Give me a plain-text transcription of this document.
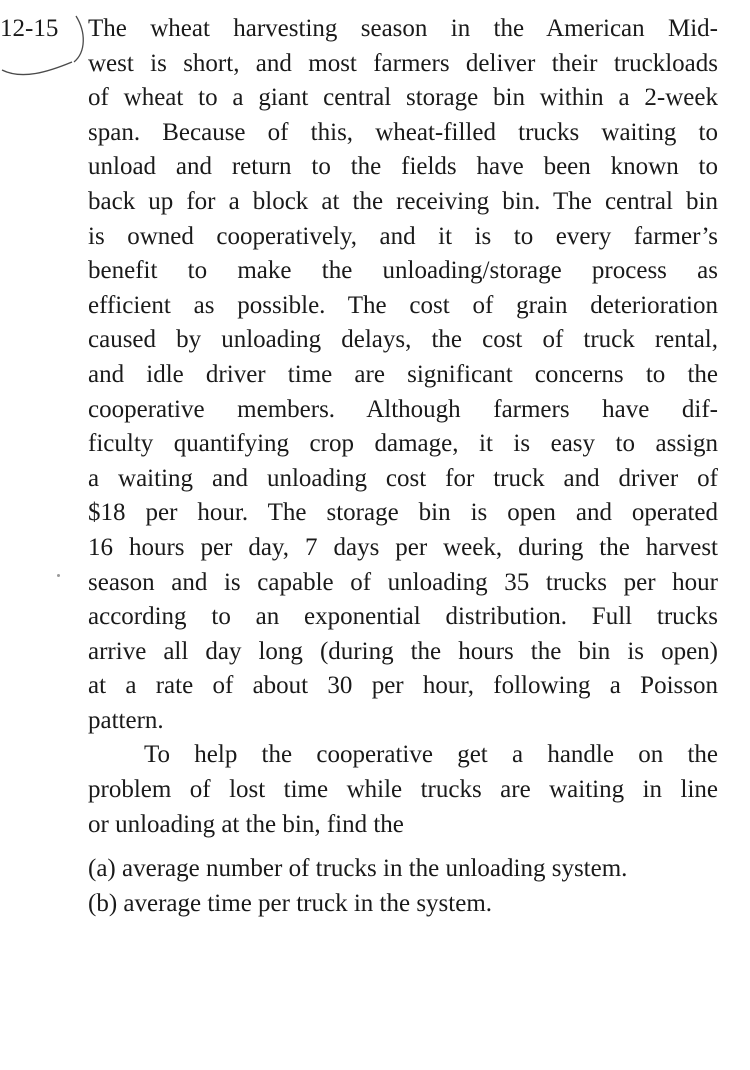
12-15 The wheat harvesting season in the American Mid-
west is short, and most farmers deliver their truckloads
of wheat to a giant central storage bin within a 2-week
span. Because of this, wheat-filled trucks waiting to
unload and return to the fields have been known to
back up for a block at the receiving bin. The central bin
is owned cooperatively, and it is to every farmer’s
benefit to make the unloading/storage process as
efficient as possible. The cost of grain deterioration
caused by unloading delays, the cost of truck rental,
and idle driver time are significant concerns to the
cooperative members. Although farmers have dif-
ficulty quantifying crop damage, it is easy to assign
a waiting and unloading cost for truck and driver of
$18 per hour. The storage bin is open and operated
16 hours per day, 7 days per week, during the harvest
season and is capable of unloading 35 trucks per hour
according to an exponential distribution. Full trucks
arrive all day long (during the hours the bin is open)
at a rate of about 30 per hour, following a Poisson
pattern.
To help the cooperative get a handle on the
problem of lost time while trucks are waiting in line
or unloading at the bin, find the
(a) average number of trucks in the unloading system.
(b) average time per truck in the system.
